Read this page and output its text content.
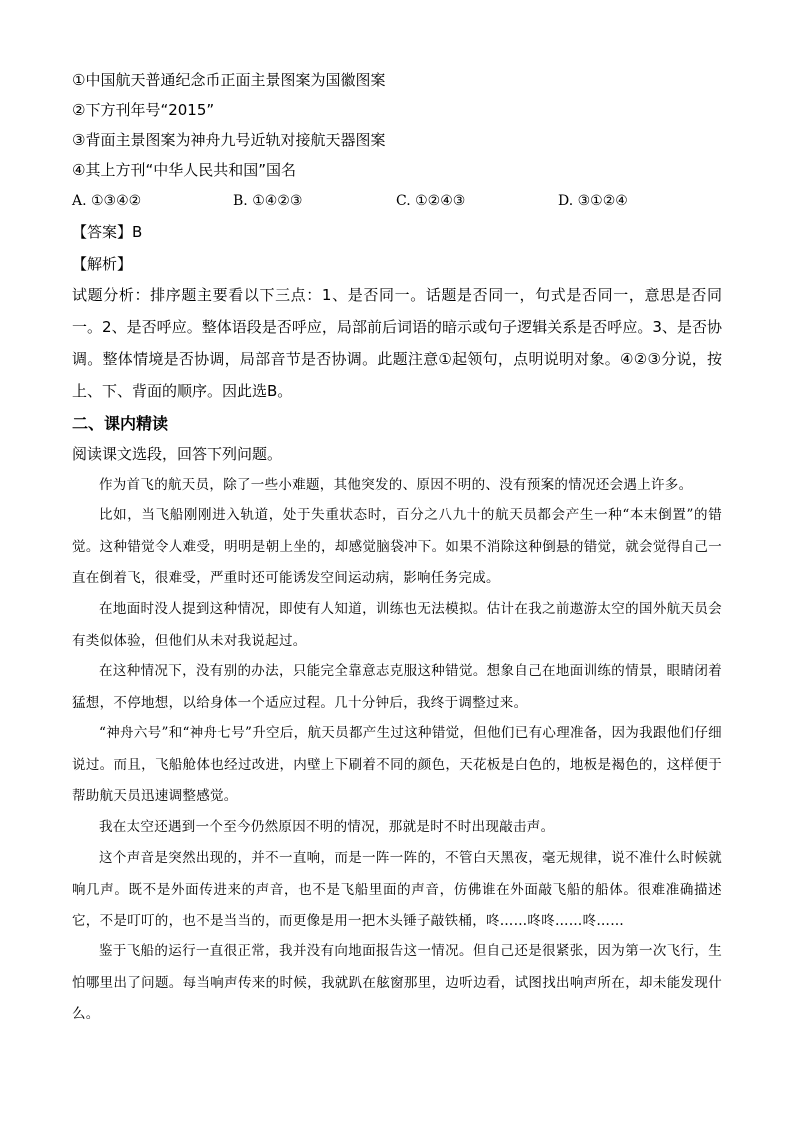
①中国航天普通纪念币正面主景图案为国徽图案
②下方刊年号“2015”
③背面主景图案为神舟九号近轨对接航天器图案
④其上方刊“中华人民共和国”国名
A. ①③④②	B. ①④②③	C. ①②④③	D. ③①②④
【答案】B
【解析】
试题分析：排序题主要看以下三点：1、是否同一。话题是否同一，句式是否同一，意思是否同一。2、是否呼应。整体语段是否呼应，局部前后词语的暗示或句子逻辑关系是否呼应。3、是否协调。整体情境是否协调，局部音节是否协调。此题注意①起领句，点明说明对象。④②③分说，按上、下、背面的顺序。因此选B。
二、课内精读
阅读课文选段，回答下列问题。
作为首飞的航天员，除了一些小难题，其他突发的、原因不明的、没有预案的情况还会遇上许多。
比如，当飞船刚刚进入轨道，处于失重状态时，百分之八九十的航天员都会产生一种“本末倒置”的错觉。这种错觉令人难受，明明是朝上坐的，却感觉脑袋冲下。如果不消除这种倒悬的错觉，就会觉得自己一直在倒着飞，很难受，严重时还可能诱发空间运动病，影响任务完成。
在地面时没人提到这种情况，即使有人知道，训练也无法模拟。估计在我之前遨游太空的国外航天员会有类似体验，但他们从未对我说起过。
在这种情况下，没有别的办法，只能完全靠意志克服这种错觉。想象自己在地面训练的情景，眼睛闭着猛想，不停地想，以给身体一个适应过程。几十分钟后，我终于调整过来。
“神舟六号”和“神舟七号”升空后，航天员都产生过这种错觉，但他们已有心理准备，因为我跟他们仔细说过。而且，飞船舱体也经过改进，内壁上下刷着不同的颜色，天花板是白色的，地板是褐色的，这样便于帮助航天员迅速调整感觉。
我在太空还遇到一个至今仍然原因不明的情况，那就是时不时出现敲击声。
这个声音是突然出现的，并不一直响，而是一阵一阵的，不管白天黑夜，毫无规律，说不准什么时候就响几声。既不是外面传进来的声音，也不是飞船里面的声音，仿佛谁在外面敲飞船的船体。很难准确描述它，不是叮叮的，也不是当当的，而更像是用一把木头锤子敲铁桶，咚……咚咚……咚……
鉴于飞船的运行一直很正常，我并没有向地面报告这一情况。但自己还是很紧张，因为第一次飞行，生怕哪里出了问题。每当响声传来的时候，我就趴在舷窗那里，边听边看，试图找出响声所在，却未能发现什么。
